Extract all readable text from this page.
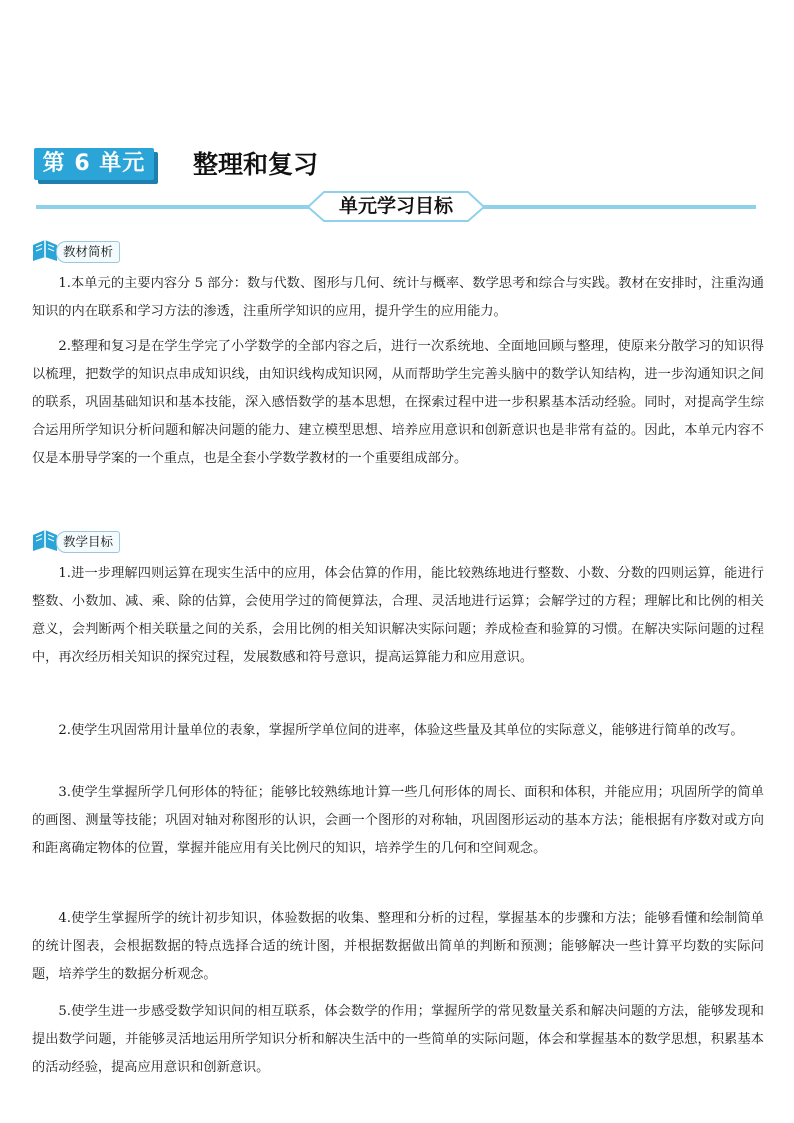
第 6 单元	整理和复习
单元学习目标
教材简析

1.本单元的主要内容分 5 部分：数与代数、图形与几何、统计与概率、数学思考和综合与实践。教材在安排时，注重沟通知识的内在联系和学习方法的渗透，注重所学知识的应用，提升学生的应用能力。

2.整理和复习是在学生学完了小学数学的全部内容之后，进行一次系统地、全面地回顾与整理，使原来分散学习的知识得以梳理，把数学的知识点串成知识线，由知识线构成知识网，从而帮助学生完善头脑中的数学认知结构，进一步沟通知识之间的联系，巩固基础知识和基本技能，深入感悟数学的基本思想，在探索过程中进一步积累基本活动经验。同时，对提高学生综合运用所学知识分析问题和解决问题的能力、建立模型思想、培养应用意识和创新意识也是非常有益的。因此，本单元内容不仅是本册导学案的一个重点，也是全套小学数学教材的一个重要组成部分。

教学目标

1.进一步理解四则运算在现实生活中的应用，体会估算的作用，能比较熟练地进行整数、小数、分数的四则运算，能进行整数、小数加、减、乘、除的估算，会使用学过的简便算法，合理、灵活地进行运算；会解学过的方程；理解比和比例的相关意义，会判断两个相关联量之间的关系，会用比例的相关知识解决实际问题；养成检查和验算的习惯。在解决实际问题的过程中，再次经历相关知识的探究过程，发展数感和符号意识，提高运算能力和应用意识。

2.使学生巩固常用计量单位的表象，掌握所学单位间的进率，体验这些量及其单位的实际意义，能够进行简单的改写。

3.使学生掌握所学几何形体的特征；能够比较熟练地计算一些几何形体的周长、面积和体积，并能应用；巩固所学的简单的画图、测量等技能；巩固对轴对称图形的认识，会画一个图形的对称轴，巩固图形运动的基本方法；能根据有序数对或方向和距离确定物体的位置，掌握并能应用有关比例尺的知识，培养学生的几何和空间观念。

4.使学生掌握所学的统计初步知识，体验数据的收集、整理和分析的过程，掌握基本的步骤和方法；能够看懂和绘制简单的统计图表，会根据数据的特点选择合适的统计图，并根据数据做出简单的判断和预测；能够解决一些计算平均数的实际问题，培养学生的数据分析观念。

5.使学生进一步感受数学知识间的相互联系，体会数学的作用；掌握所学的常见数量关系和解决问题的方法，能够发现和提出数学问题，并能够灵活地运用所学知识分析和解决生活中的一些简单的实际问题，体会和掌握基本的数学思想，积累基本的活动经验，提高应用意识和创新意识。
